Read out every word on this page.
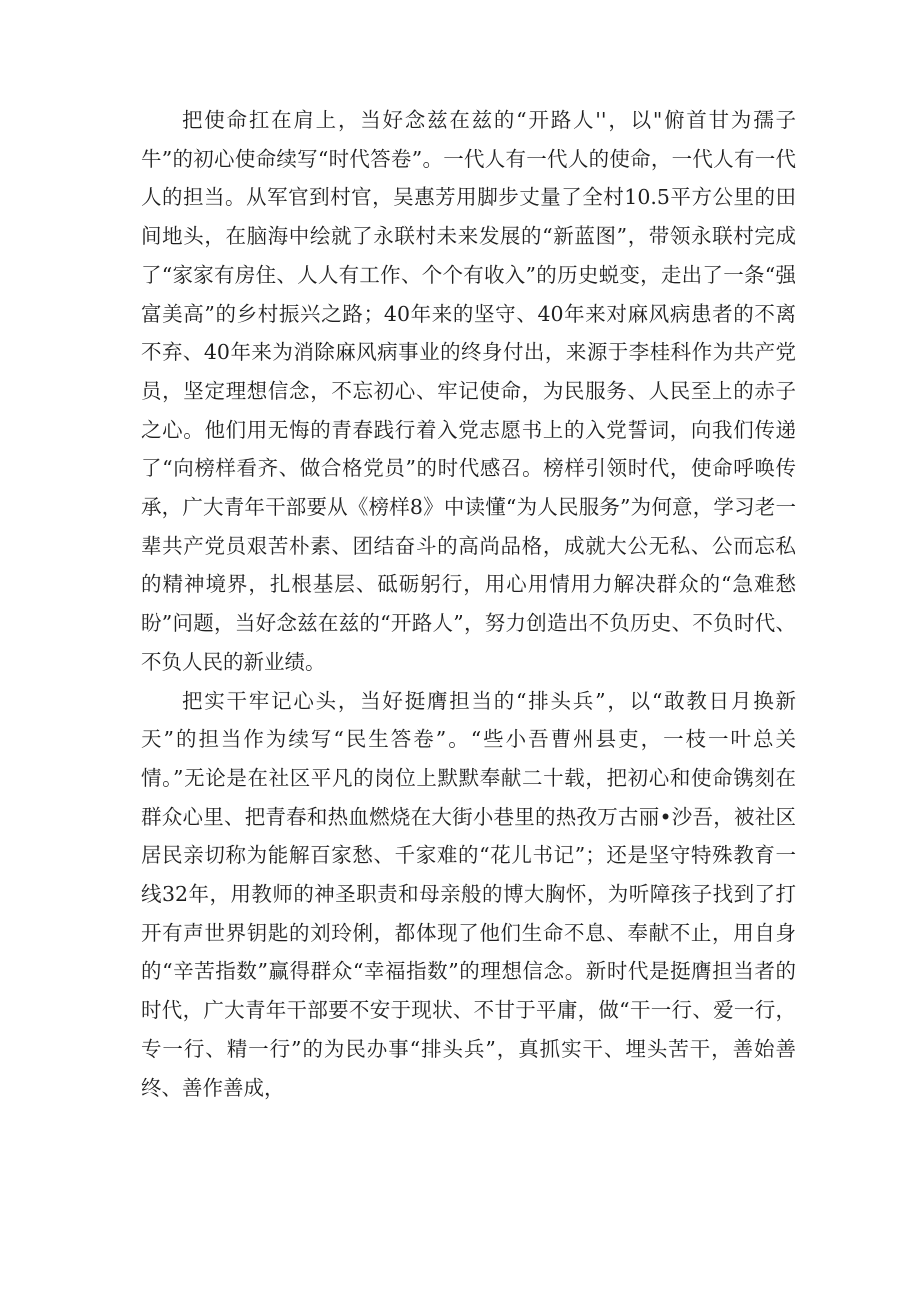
把使命扛在肩上，当好念兹在兹的“开路人''，以"俯首甘为孺子牛”的初心使命续写“时代答卷”。一代人有一代人的使命，一代人有一代人的担当。从军官到村官，吴惠芳用脚步丈量了全村10.5平方公里的田间地头，在脑海中绘就了永联村未来发展的“新蓝图”，带领永联村完成了“家家有房住、人人有工作、个个有收入”的历史蜕变，走出了一条“强富美高”的乡村振兴之路；40年来的坚守、40年来对麻风病患者的不离不弃、40年来为消除麻风病事业的终身付出，来源于李桂科作为共产党员，坚定理想信念，不忘初心、牢记使命，为民服务、人民至上的赤子之心。他们用无悔的青春践行着入党志愿书上的入党誓词，向我们传递了“向榜样看齐、做合格党员”的时代感召。榜样引领时代，使命呼唤传承，广大青年干部要从《榜样8》中读懂“为人民服务”为何意，学习老一辈共产党员艰苦朴素、团结奋斗的高尚品格，成就大公无私、公而忘私的精神境界，扎根基层、砥砺躬行，用心用情用力解决群众的“急难愁盼”问题，当好念兹在兹的“开路人”，努力创造出不负历史、不负时代、不负人民的新业绩。

把实干牢记心头，当好挺膺担当的“排头兵”，以“敢教日月换新天”的担当作为续写“民生答卷”。“些小吾曹州县吏，一枝一叶总关情。”无论是在社区平凡的岗位上默默奉献二十载，把初心和使命镌刻在群众心里、把青春和热血燃烧在大街小巷里的热孜万古丽•沙吾，被社区居民亲切称为能解百家愁、千家难的“花儿书记”；还是坚守特殊教育一线32年，用教师的神圣职责和母亲般的博大胸怀，为听障孩子找到了打开有声世界钥匙的刘玲俐，都体现了他们生命不息、奉献不止，用自身的“辛苦指数”赢得群众“幸福指数”的理想信念。新时代是挺膺担当者的时代，广大青年干部要不安于现状、不甘于平庸，做“干一行、爱一行，专一行、精一行”的为民办事“排头兵”，真抓实干、埋头苦干，善始善终、善作善成，
